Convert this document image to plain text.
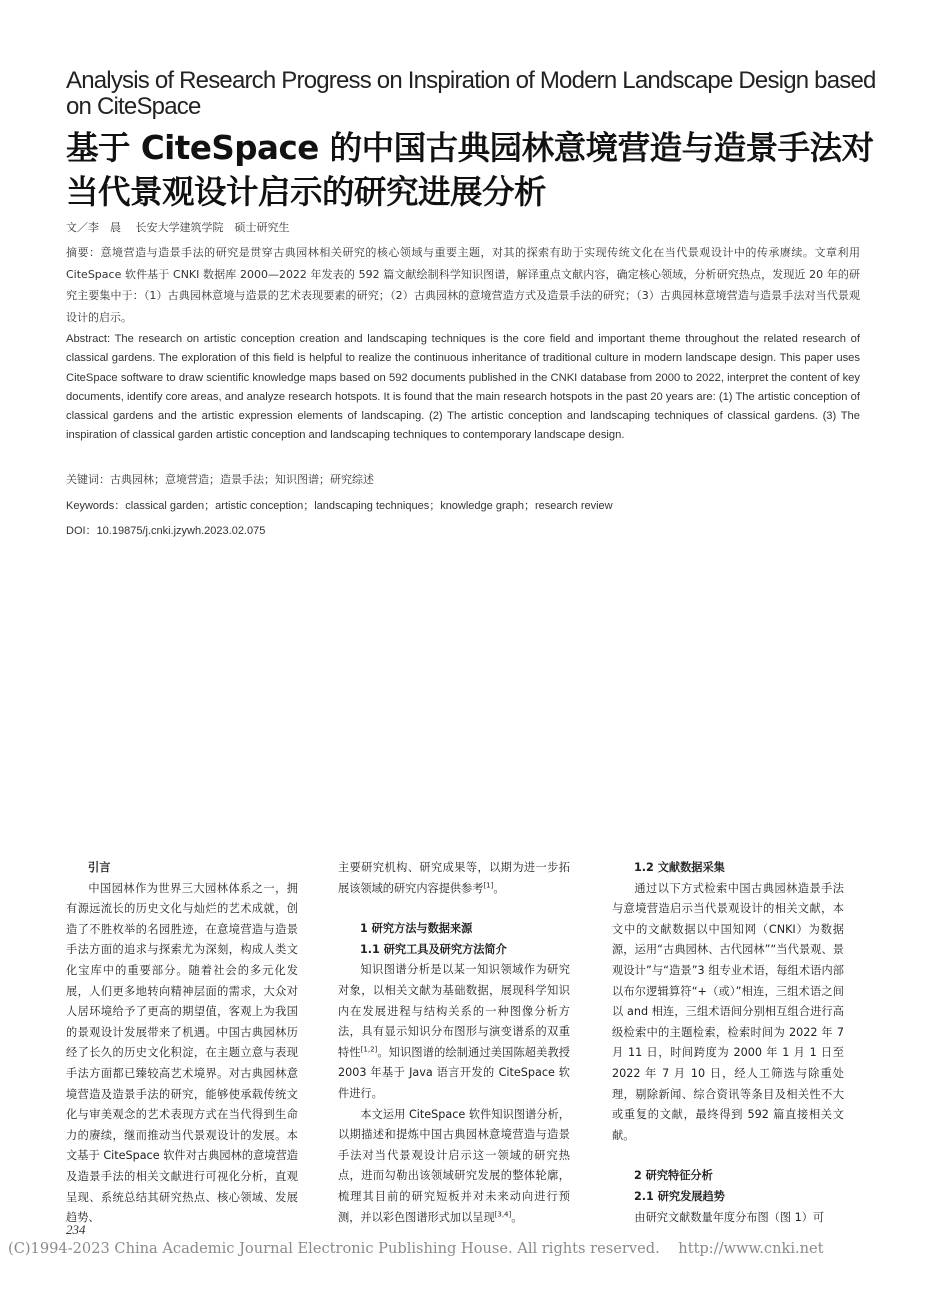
Analysis of Research Progress on Inspiration of Modern Landscape Design based on CiteSpace
基于 CiteSpace 的中国古典园林意境营造与造景手法对当代景观设计启示的研究进展分析
文／李　晨　 长安大学建筑学院　硕士研究生
摘要：意境营造与造景手法的研究是贯穿古典园林相关研究的核心领域与重要主题，对其的探索有助于实现传统文化在当代景观设计中的传承赓续。文章利用 CiteSpace 软件基于 CNKI 数据库 2000—2022 年发表的 592 篇文献绘制科学知识图谱，解译重点文献内容，确定核心领域，分析研究热点，发现近 20 年的研究主要集中于：（1）古典园林意境与造景的艺术表现要素的研究；（2）古典园林的意境营造方式及造景手法的研究；（3）古典园林意境营造与造景手法对当代景观设计的启示。
Abstract: The research on artistic conception creation and landscaping techniques is the core field and important theme throughout the related research of classical gardens. The exploration of this field is helpful to realize the continuous inheritance of traditional culture in modern landscape design. This paper uses CiteSpace software to draw scientific knowledge maps based on 592 documents published in the CNKI database from 2000 to 2022, interpret the content of key documents, identify core areas, and analyze research hotspots. It is found that the main research hotspots in the past 20 years are: (1) The artistic conception of classical gardens and the artistic expression elements of landscaping. (2) The artistic conception and landscaping techniques of classical gardens. (3) The inspiration of classical garden artistic conception and landscaping techniques to contemporary landscape design.
关键词：古典园林；意境营造；造景手法；知识图谱；研究综述
Keywords：classical garden；artistic conception；landscaping techniques；knowledge graph；research review
DOI：10.19875/j.cnki.jzywh.2023.02.075
引言

中国园林作为世界三大园林体系之一，拥有源远流长的历史文化与灿烂的艺术成就，创造了不胜枚举的名园胜迹，在意境营造与造景手法方面的追求与探索尤为深刻，构成人类文化宝库中的重要部分。随着社会的多元化发展，人们更多地转向精神层面的需求，大众对人居环境给予了更高的期望值，客观上为我国的景观设计发展带来了机遇。中国古典园林历经了长久的历史文化积淀，在主题立意与表现手法方面都已臻较高艺术境界。对古典园林意境营造及造景手法的研究，能够使承载传统文化与审美观念的艺术表现方式在当代得到生命力的赓续，继而推动当代景观设计的发展。本文基于 CiteSpace 软件对古典园林的意境营造及造景手法的相关文献进行可视化分析，直观呈现、系统总结其研究热点、核心领域、发展趋势、

主要研究机构、研究成果等，以期为进一步拓展该领域的研究内容提供参考[1]。

1 研究方法与数据来源
1.1 研究工具及研究方法简介

知识图谱分析是以某一知识领域作为研究对象，以相关文献为基础数据，展现科学知识内在发展进程与结构关系的一种图像分析方法，具有显示知识分布图形与演变谱系的双重特性[1,2]。知识图谱的绘制通过美国陈超美教授 2003 年基于 Java 语言开发的 CiteSpace 软件进行。

本文运用 CiteSpace 软件知识图谱分析，以期描述和提炼中国古典园林意境营造与造景手法对当代景观设计启示这一领域的研究热点，进而勾勒出该领域研究发展的整体轮廓，梳理其目前的研究短板并对未来动向进行预测，并以彩色图谱形式加以呈现[3,4]。

1.2 文献数据采集

通过以下方式检索中国古典园林造景手法与意境营造启示当代景观设计的相关文献，本文中的文献数据以中国知网（CNKI）为数据源，运用“古典园林、古代园林”“当代景观、景观设计”与“造景”3 组专业术语，每组术语内部以布尔逻辑算符“+（或）”相连，三组术语之间以 and 相连，三组术语间分别相互组合进行高级检索中的主题检索，检索时间为 2022 年 7 月 11 日，时间跨度为 2000 年 1 月 1 日至 2022 年 7 月 10 日，经人工筛选与除重处理，剔除新闻、综合资讯等条目及相关性不大或重复的文献，最终得到 592 篇直接相关文献。

2 研究特征分析
2.1 研究发展趋势

由研究文献数量年度分布图（图 1）可

234
(C)1994-2023 China Academic Journal Electronic Publishing House. All rights reserved.    http://www.cnki.net
